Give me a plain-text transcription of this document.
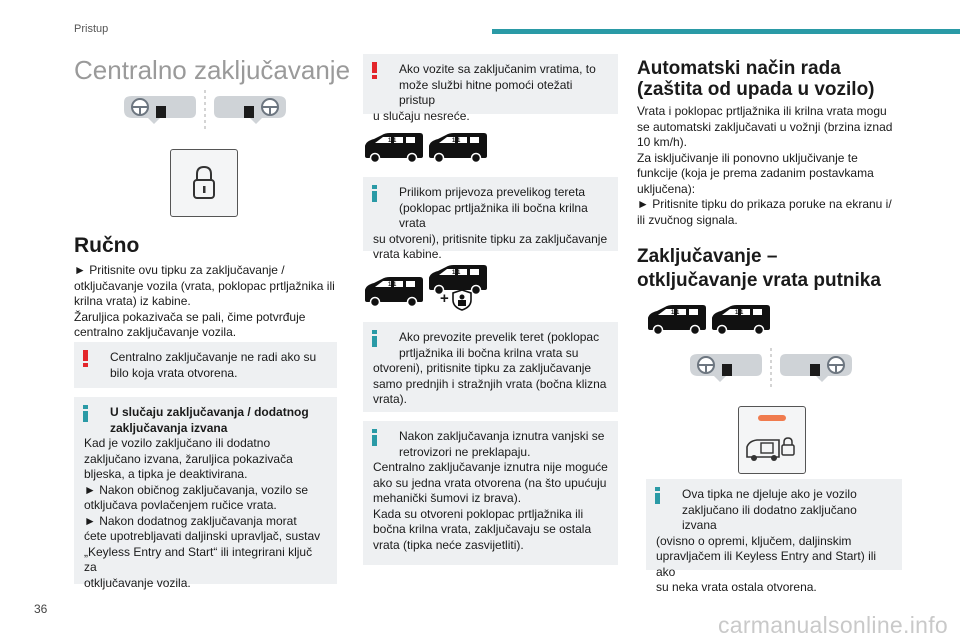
Pristup
36
carmanualsonline.info
Centralno zaključavanje
Ručno
► Pritisnite ovu tipku za zaključavanje /
otključavanje vozila (vrata, poklopac prtljažnika ili
krilna vrata) iz kabine.
Žaruljica pokazivača se pali, čime potvrđuje
centralno zaključavanje vozila.
Centralno zaključavanje ne radi ako su
bilo koja vrata otvorena.
U slučaju zaključavanja / dodatnog
zaključavanja izvana
Kad je vozilo zaključano ili dodatno
zaključano izvana, žaruljica pokazivača
bljeska, a tipka je deaktivirana.
► Nakon običnog zaključavanja, vozilo se
otključava povlačenjem ručice vrata.
► Nakon dodatnog zaključavanja morat
ćete upotrebljavati daljinski upravljač, sustav
„Keyless Entry and Start“ ili integrirani ključ za
otključavanje vozila.
Ako vozite sa zaključanim vratima, to
može službi hitne pomoći otežati pristup
u slučaju nesreće.
Prilikom prijevoza prevelikog tereta
(poklopac prtljažnika ili bočna krilna vrata
su otvoreni), pritisnite tipku za zaključavanje
vrata kabine.
+
Ako prevozite prevelik teret (poklopac
prtljažnika ili bočna krilna vrata su
otvoreni), pritisnite tipku za zaključavanje
samo prednjih i stražnjih vrata (bočna klizna
vrata).
Nakon zaključavanja iznutra vanjski se
retrovizori ne preklapaju.
Centralno zaključavanje iznutra nije moguće
ako su jedna vrata otvorena (na što upućuju
mehanički šumovi iz brava).
Kada su otvoreni poklopac prtljažnika ili
bočna krilna vrata, zaključavaju se ostala
vrata (tipka neće zasvijetliti).
Automatski način rada
(zaštita od upada u vozilo)
Vrata i poklopac prtljažnika ili krilna vrata mogu
se automatski zaključavati u vožnji (brzina iznad
10 km/h).
Za isključivanje ili ponovno uključivanje te
funkcije (koja je prema zadanim postavkama
uključena):
► Pritisnite tipku do prikaza poruke na ekranu i/
ili zvučnog signala.
Zaključavanje –
otključavanje vrata putnika
Ova tipka ne djeluje ako je vozilo
zaključano ili dodatno zaključano izvana
(ovisno o opremi, ključem, daljinskim
upravljačem ili Keyless Entry and Start) ili ako
su neka vrata ostala otvorena.
